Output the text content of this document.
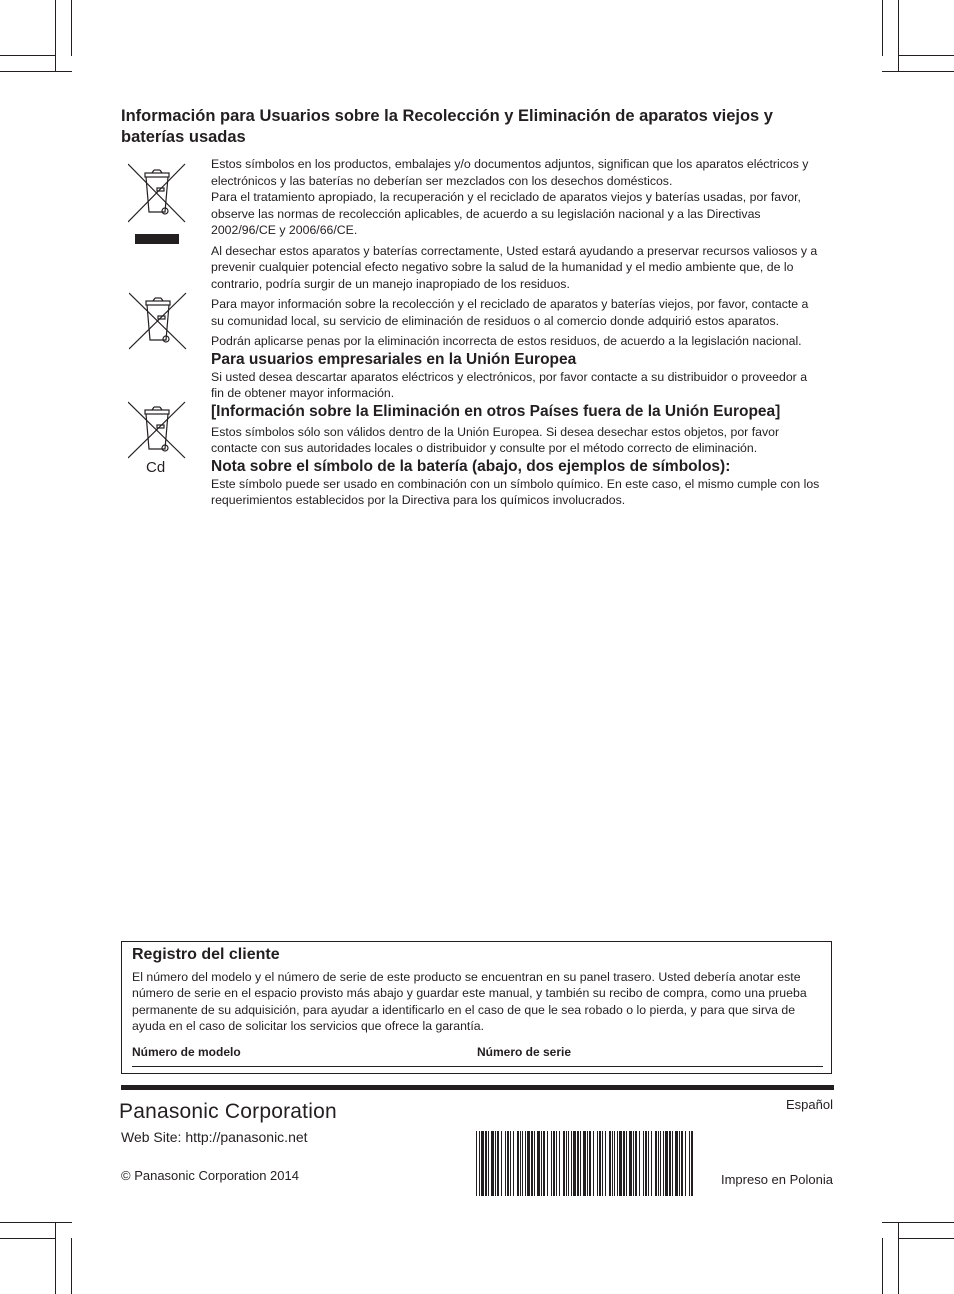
Información para Usuarios sobre la Recolección y Eliminación de aparatos viejos y baterías usadas
Cd

Estos símbolos en los productos, embalajes y/o documentos adjuntos, significan que los aparatos eléctricos y electrónicos y las baterías no deberían ser mezclados con los desechos domésticos.

Para el tratamiento apropiado, la recuperación y el reciclado de aparatos viejos y baterías usadas, por favor, observe las normas de recolección aplicables, de acuerdo a su legislación nacional y a las Directivas 2002/96/CE y 2006/66/CE.

Al desechar estos aparatos y baterías correctamente, Usted estará ayudando a preservar recursos valiosos y a prevenir cualquier potencial efecto negativo sobre la salud de la humanidad y el medio ambiente que, de lo contrario, podría surgir de un manejo inapropiado de los residuos.

Para mayor información sobre la recolección y el reciclado de aparatos y baterías viejos, por favor, contacte a su comunidad local, su servicio de eliminación de residuos o al comercio donde adquirió estos aparatos.

Podrán aplicarse penas por la eliminación incorrecta de estos residuos, de acuerdo a la legislación nacional.

Para usuarios empresariales en la Unión Europea

Si usted desea descartar aparatos eléctricos y electrónicos, por favor contacte a su distribuidor o proveedor a fin de obtener mayor información.

[Información sobre la Eliminación en otros Países fuera de la Unión Europea]

Estos símbolos sólo son válidos dentro de la Unión Europea. Si desea desechar estos objetos, por favor contacte con sus autoridades locales o distribuidor y consulte por el método correcto de eliminación.

Nota sobre el símbolo de la batería (abajo, dos ejemplos de símbolos):

Este símbolo puede ser usado en combinación con un símbolo químico. En este caso, el mismo cumple con los requerimientos establecidos por la Directiva para los químicos involucrados.

Registro del cliente

El número del modelo y el número de serie de este producto se encuentran en su panel trasero. Usted debería anotar este número de serie en el espacio provisto más abajo y guardar este manual, y también su recibo de compra, como una prueba permanente de su adquisición, para ayudar a identificarlo en el caso de que le sea robado o lo pierda, y para que sirva de ayuda en el caso de solicitar los servicios que ofrece la garantía.

Número de modelo	Número de serie
Panasonic Corporation
Web Site: http://panasonic.net
© Panasonic Corporation 2014
Español
Impreso en Polonia
